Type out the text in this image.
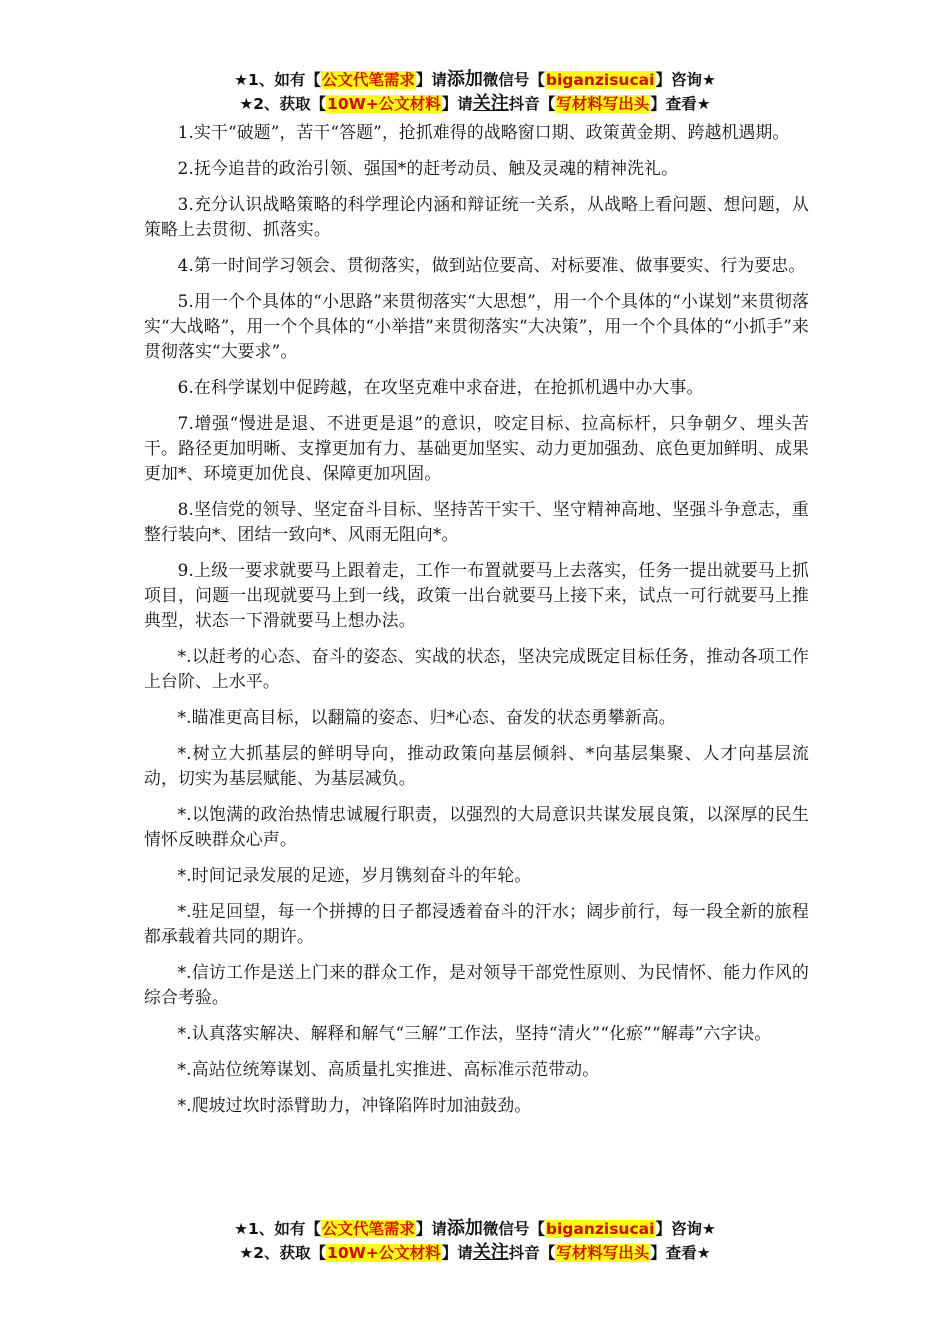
★1、如有【公文代笔需求】请添加微信号【biganzisucai】咨询★
★2、获取【10W+公文材料】请关注抖音【写材料写出头】查看★

1.实干“破题”，苦干“答题”，抢抓难得的战略窗口期、政策黄金期、跨越机遇期。

2.抚今追昔的政治引领、强国*的赶考动员、触及灵魂的精神洗礼。

3.充分认识战略策略的科学理论内涵和辩证统一关系，从战略上看问题、想问题，从策略上去贯彻、抓落实。

4.第一时间学习领会、贯彻落实，做到站位要高、对标要准、做事要实、行为要忠。

5.用一个个具体的“小思路”来贯彻落实“大思想”，用一个个具体的“小谋划”来贯彻落实“大战略”，用一个个具体的“小举措”来贯彻落实“大决策”，用一个个具体的“小抓手”来贯彻落实“大要求”。

6.在科学谋划中促跨越，在攻坚克难中求奋进，在抢抓机遇中办大事。

7.增强“慢进是退、不进更是退”的意识，咬定目标、拉高标杆，只争朝夕、埋头苦干。路径更加明晰、支撑更加有力、基础更加坚实、动力更加强劲、底色更加鲜明、成果更加*、环境更加优良、保障更加巩固。

8.坚信党的领导、坚定奋斗目标、坚持苦干实干、坚守精神高地、坚强斗争意志，重整行装向*、团结一致向*、风雨无阻向*。

9.上级一要求就要马上跟着走，工作一布置就要马上去落实，任务一提出就要马上抓项目，问题一出现就要马上到一线，政策一出台就要马上接下来，试点一可行就要马上推典型，状态一下滑就要马上想办法。

*.以赶考的心态、奋斗的姿态、实战的状态，坚决完成既定目标任务，推动各项工作上台阶、上水平。

*.瞄准更高目标，以翻篇的姿态、归*心态、奋发的状态勇攀新高。

*.树立大抓基层的鲜明导向，推动政策向基层倾斜、*向基层集聚、人才向基层流动，切实为基层赋能、为基层减负。

*.以饱满的政治热情忠诚履行职责，以强烈的大局意识共谋发展良策，以深厚的民生情怀反映群众心声。

*.时间记录发展的足迹，岁月镌刻奋斗的年轮。

*.驻足回望，每一个拼搏的日子都浸透着奋斗的汗水；阔步前行，每一段全新的旅程都承载着共同的期许。

*.信访工作是送上门来的群众工作，是对领导干部党性原则、为民情怀、能力作风的综合考验。

*.认真落实解决、解释和解气“三解”工作法，坚持“清火”“化瘀”“解毒”六字诀。

*.高站位统筹谋划、高质量扎实推进、高标准示范带动。

*.爬坡过坎时添臂助力，冲锋陷阵时加油鼓劲。

★1、如有【公文代笔需求】请添加微信号【biganzisucai】咨询★
★2、获取【10W+公文材料】请关注抖音【写材料写出头】查看★
